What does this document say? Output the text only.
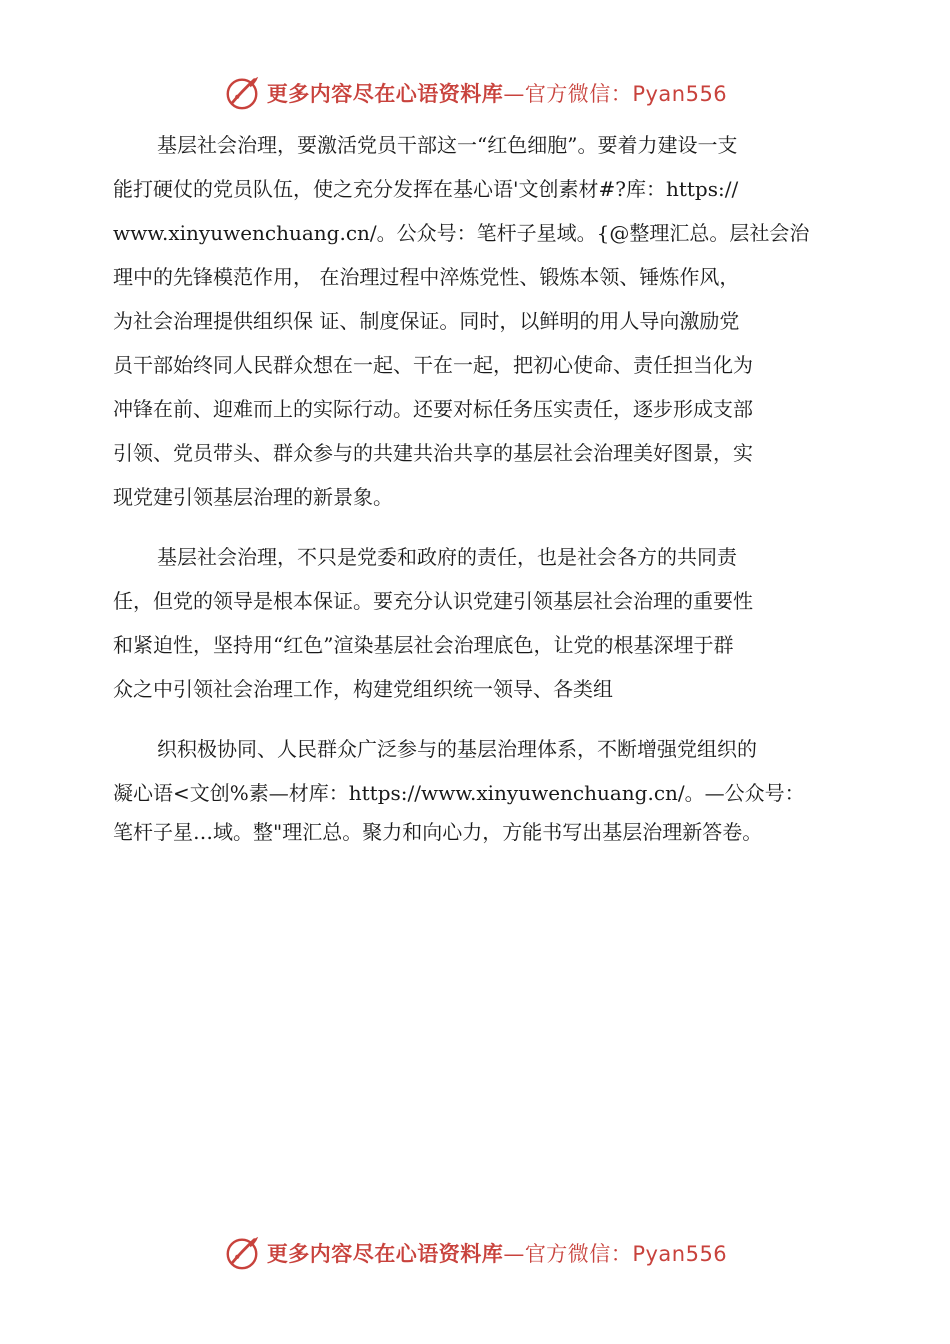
更多内容尽在心语资料库—官方微信：Pyan556

基层社会治理，要激活党员干部这一“红色细胞”。要着力建设一支
能打硬仗的党员队伍，使之充分发挥在基心语'文创素材#?库：https://
www.xinyuwenchuang.cn/。公众号：笔杆子星域。{@整理汇总。层社会治
理中的先锋模范作用， 在治理过程中淬炼党性、锻炼本领、锤炼作风，
为社会治理提供组织保 证、制度保证。同时，以鲜明的用人导向激励党
员干部始终同人民群众想在一起、干在一起，把初心使命、责任担当化为
冲锋在前、迎难而上的实际行动。还要对标任务压实责任，逐步形成支部
引领、党员带头、群众参与的共建共治共享的基层社会治理美好图景，实
现党建引领基层治理的新景象。

基层社会治理，不只是党委和政府的责任，也是社会各方的共同责
任，但党的领导是根本保证。要充分认识党建引领基层社会治理的重要性
和紧迫性，坚持用“红色”渲染基层社会治理底色，让党的根基深埋于群
众之中引领社会治理工作，构建党组织统一领导、各类组

织积极协同、人民群众广泛参与的基层治理体系，不断增强党组织的
凝心语<文创%素—材库：https://www.xinyuwenchuang.cn/。—公众号：
笔杆子星…域。整"理汇总。聚力和向心力，方能书写出基层治理新答卷。

更多内容尽在心语资料库—官方微信：Pyan556
